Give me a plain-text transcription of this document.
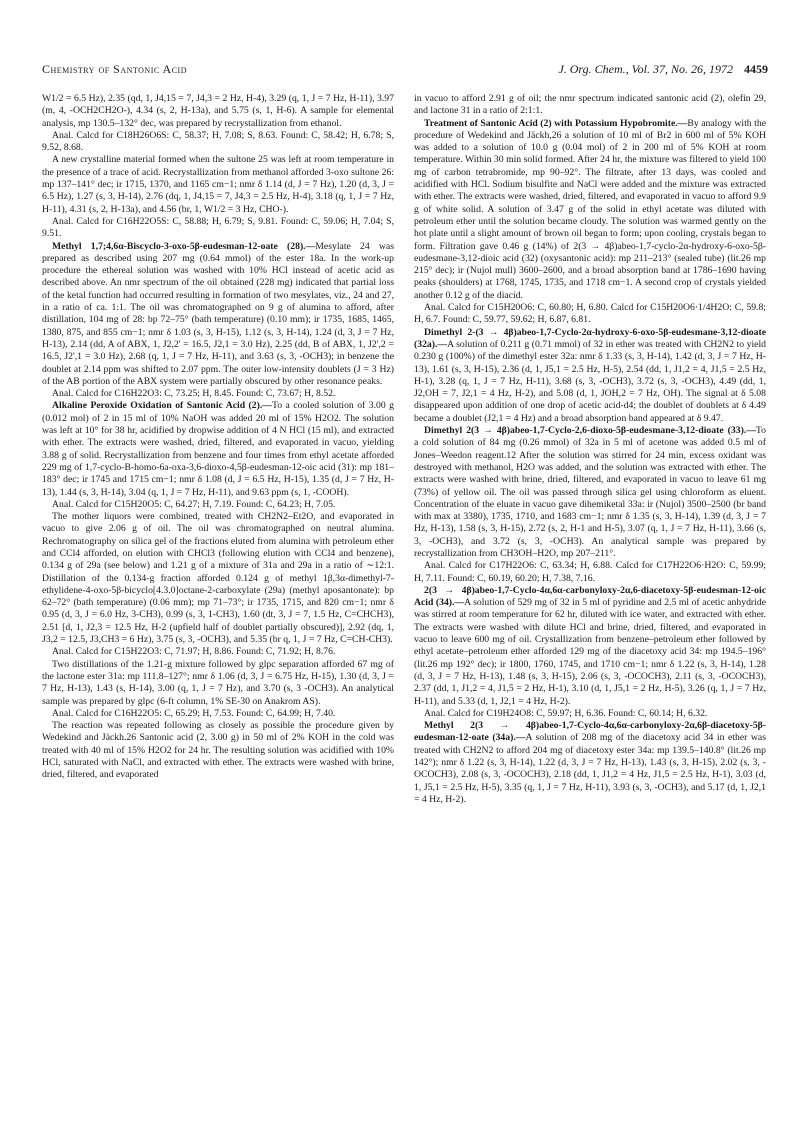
Chemistry of Santonic Acid	J. Org. Chem., Vol. 37, No. 26, 1972 4459

W1/2 = 6.5 Hz), 2.35 (qd, 1, J4,15 = 7, J4,3 = 2 Hz, H-4), 3.29 (q, 1, J = 7 Hz, H-11), 3.97 (m, 4, -OCH2CH2O-), 4.34 (s, 2, H-13a), and 5.75 (s, 1, H-6). A sample for elemental analysis, mp 130.5–132° dec, was prepared by recrystallization from ethanol.

Anal. Calcd for C18H26O6S: C, 58.37; H, 7.08; S, 8.63. Found: C, 58.42; H, 6.78; S, 9.52, 8.68.

A new crystalline material formed when the sultone 25 was left at room temperature in the presence of a trace of acid. Recrystallization from methanol afforded 3-oxo sultone 26: mp 137–141° dec; ir 1715, 1370, and 1165 cm−1; nmr δ 1.14 (d, J = 7 Hz), 1.20 (d, 3, J = 6.5 Hz), 1.27 (s, 3, H-14), 2.76 (dq, 1, J4,15 = 7, J4,3 = 2.5 Hz, H-4), 3.18 (q, 1, J = 7 Hz, H-11), 4.31 (s, 2, H-13a), and 4.56 (br, 1, W1/2 = 3 Hz, CHO-).

Anal. Calcd for C16H22O5S: C, 58.88; H, 6.79; S, 9.81. Found: C, 59.06; H, 7.04; S, 9.51.

Methyl 1,7;4,6α-Biscyclo-3-oxo-5β-eudesman-12-oate (28).—Mesylate 24 was prepared as described using 207 mg (0.64 mmol) of the ester 18a. In the work-up procedure the ethereal solution was washed with 10% HCl instead of acetic acid as described above. An nmr spectrum of the oil obtained (228 mg) indicated that partial loss of the ketal function had occurred resulting in formation of two mesylates, viz., 24 and 27, in a ratio of ca. 1:1. The oil was chromatographed on 9 g of alumina to afford, after distillation, 104 mg of 28: bp 72–75° (bath temperature) (0.10 mm); ir 1735, 1685, 1465, 1380, 875, and 855 cm−1; nmr δ 1.03 (s, 3, H-15), 1.12 (s, 3, H-14), 1.24 (d, 3, J = 7 Hz, H-13), 2.14 (dd, A of ABX, 1, J2,2' = 16.5, J2,1 = 3.0 Hz), 2.25 (dd, B of ABX, 1, J2',2 = 16.5, J2',1 = 3.0 Hz), 2.68 (q, 1, J = 7 Hz, H-11), and 3.63 (s, 3, -OCH3); in benzene the doublet at 2.14 ppm was shifted to 2.07 ppm. The outer low-intensity doublets (J = 3 Hz) of the AB portion of the ABX system were partially obscured by other resonance peaks.

Anal. Calcd for C16H22O3: C, 73.25; H, 8.45. Found: C, 73.67; H, 8.52.

Alkaline Peroxide Oxidation of Santonic Acid (2).—To a cooled solution of 3.00 g (0.012 mol) of 2 in 15 ml of 10% NaOH was added 20 ml of 15% H2O2. The solution was left at 10° for 38 hr, acidified by dropwise addition of 4 N HCl (15 ml), and extracted with ether. The extracts were washed, dried, filtered, and evaporated in vacuo, yielding 3.88 g of solid. Recrystallization from benzene and four times from ethyl acetate afforded 229 mg of 1,7-cyclo-B-homo-6a-oxa-3,6-dioxo-4,5β-eudesman-12-oic acid (31): mp 181–183° dec; ir 1745 and 1715 cm−1; nmr δ 1.08 (d, J = 6.5 Hz, H-15), 1.35 (d, J = 7 Hz, H-13), 1.44 (s, 3, H-14), 3.04 (q, 1, J = 7 Hz, H-11), and 9.63 ppm (s, 1, -COOH).

Anal. Calcd for C15H20O5: C, 64.27; H, 7.19. Found: C, 64.23; H, 7.05.

The mother liquors were combined, treated with CH2N2–Et2O, and evaporated in vacuo to give 2.06 g of oil. The oil was chromatographed on neutral alumina. Rechromatography on silica gel of the fractions eluted from alumina with petroleum ether and CCl4 afforded, on elution with CHCl3 (following elution with CCl4 and benzene), 0.134 g of 29a (see below) and 1.21 g of a mixture of 31a and 29a in a ratio of ∼12:1. Distillation of the 0.134-g fraction afforded 0.124 g of methyl 1β,3α-dimethyl-7-ethylidene-4-oxo-5β-bicyclo[4.3.0]octane-2-carboxylate (29a) (methyl aposantonate): bp 62–72° (bath temperature) (0.06 mm); mp 71–73°; ir 1735, 1715, and 820 cm−1; nmr δ 0.95 (d, 3, J = 6.0 Hz, 3-CH3), 0.99 (s, 3, 1-CH3), 1.60 (dt, 3, J = 7, 1.5 Hz, C=CHCH3), 2.51 [d, 1, J2,3 = 12.5 Hz, H-2 (upfield half of doublet partially obscured)], 2.92 (dq, 1, J3,2 = 12.5, J3,CH3 = 6 Hz), 3.75 (s, 3, -OCH3), and 5.35 (br q, 1, J = 7 Hz, C=CH-CH3).

Anal. Calcd for C15H22O3: C, 71.97; H, 8.86. Found: C, 71.92; H, 8.76.

Two distillations of the 1.21-g mixture followed by glpc separation afforded 67 mg of the lactone ester 31a: mp 111.8–127°; nmr δ 1.06 (d, 3, J = 6.75 Hz, H-15), 1.30 (d, 3, J = 7 Hz, H-13), 1.43 (s, H-14), 3.00 (q, 1, J = 7 Hz), and 3.70 (s, 3 -OCH3). An analytical sample was prepared by glpc (6-ft column, 1% SE-30 on Anakrom AS).

Anal. Calcd for C16H22O5: C, 65.29; H, 7.53. Found: C, 64.99; H, 7.40.

The reaction was repeated following as closely as possible the procedure given by Wedekind and Jäckh.26 Santonic acid (2, 3.00 g) in 50 ml of 2% KOH in the cold was treated with 40 ml of 15% H2O2 for 24 hr. The resulting solution was acidified with 10% HCl, saturated with NaCl, and extracted with ether. The extracts were washed with brine, dried, filtered, and evaporated

in vacuo to afford 2.91 g of oil; the nmr spectrum indicated santonic acid (2), olefin 29, and lactone 31 in a ratio of 2:1:1.

Treatment of Santonic Acid (2) with Potassium Hypobromite.—By analogy with the procedure of Wedekind and Jäckh,26 a solution of 10 ml of Br2 in 600 ml of 5% KOH was added to a solution of 10.0 g (0.04 mol) of 2 in 200 ml of 5% KOH at room temperature. Within 30 min solid formed. After 24 hr, the mixture was filtered to yield 100 mg of carbon tetrabromide, mp 90–92°. The filtrate, after 13 days, was cooled and acidified with HCl. Sodium bisulfite and NaCl were added and the mixture was extracted with ether. The extracts were washed, dried, filtered, and evaporated in vacuo to afford 9.9 g of white solid. A solution of 3.47 g of the solid in ethyl acetate was diluted with petroleum ether until the solution became cloudy. The solution was warmed gently on the hot plate until a slight amount of brown oil began to form; upon cooling, crystals began to form. Filtration gave 0.46 g (14%) of 2(3 → 4β)abeo-1,7-cyclo-2α-hydroxy-6-oxo-5β-eudesmane-3,12-dioic acid (32) (oxysantonic acid): mp 211–213° (sealed tube) (lit.26 mp 215° dec); ir (Nujol mull) 3600–2600, and a broad absorption band at 1786–1690 having peaks (shoulders) at 1768, 1745, 1735, and 1718 cm−1. A second crop of crystals yielded another 0.12 g of the diacid.

Anal. Calcd for C15H20O6: C, 60.80; H, 6.80. Calcd for C15H20O6·1/4H2O: C, 59.8; H, 6.7. Found: C, 59.77, 59.62; H, 6.87, 6.81.

Dimethyl 2-(3 → 4β)abeo-1,7-Cyclo-2α-hydroxy-6-oxo-5β-eudesmane-3,12-dioate (32a).—A solution of 0.211 g (0.71 mmol) of 32 in ether was treated with CH2N2 to yield 0.230 g (100%) of the dimethyl ester 32a: nmr δ 1.33 (s, 3, H-14), 1.42 (d, 3, J = 7 Hz, H-13), 1.61 (s, 3, H-15), 2.36 (d, 1, J5,1 = 2.5 Hz, H-5), 2.54 (dd, 1, J1,2 = 4, J1,5 = 2.5 Hz, H-1), 3.28 (q, 1, J = 7 Hz, H-11), 3.68 (s, 3, -OCH3), 3.72 (s, 3, -OCH3), 4.49 (dd, 1, J2,OH = 7, J2,1 = 4 Hz, H-2), and 5.08 (d, 1, JOH,2 = 7 Hz, OH). The signal at δ 5.08 disappeared upon addition of one drop of acetic acid-d4; the doublet of doublets at δ 4.49 became a doublet (J2,1 = 4 Hz) and a broad absorption band appeared at δ 9.47.

Dimethyl 2(3 → 4β)abeo-1,7-Cyclo-2,6-dioxo-5β-eudesmane-3,12-dioate (33).—To a cold solution of 84 mg (0.26 mmol) of 32a in 5 ml of acetone was added 0.5 ml of Jones–Weedon reagent.12 After the solution was stirred for 24 min, excess oxidant was destroyed with methanol, H2O was added, and the solution was extracted with ether. The extracts were washed with brine, dried, filtered, and evaporated in vacuo to leave 61 mg (73%) of yellow oil. The oil was passed through silica gel using chloroform as eluent. Concentration of the eluate in vacuo gave dihemiketal 33a: ir (Nujol) 3500–2500 (br band with max at 3380), 1735, 1710, and 1683 cm−1; nmr δ 1.35 (s, 3, H-14), 1.39 (d, 3, J = 7 Hz, H-13), 1.58 (s, 3, H-15), 2.72 (s, 2, H-1 and H-5), 3.07 (q, 1, J = 7 Hz, H-11), 3.66 (s, 3, -OCH3), and 3.72 (s, 3, -OCH3). An analytical sample was prepared by recrystallization from CH3OH–H2O, mp 207–211°.

Anal. Calcd for C17H22O6: C, 63.34; H, 6.88. Calcd for C17H22O6·H2O: C, 59.99; H, 7.11. Found: C, 60.19, 60.20; H, 7.38, 7.16.

2(3 → 4β)abeo-1,7-Cyclo-4α,6α-carbonyloxy-2α,6-diacetoxy-5β-eudesman-12-oic Acid (34).—A solution of 529 mg of 32 in 5 ml of pyridine and 2.5 ml of acetic anhydride was stirred at room temperature for 62 hr, diluted with ice water, and extracted with ether. The extracts were washed with dilute HCl and brine, dried, filtered, and evaporated in vacuo to leave 600 mg of oil. Crystallization from benzene–petroleum ether followed by ethyl acetate–petroleum ether afforded 129 mg of the diacetoxy acid 34: mp 194.5–196° (lit.26 mp 192° dec); ir 1800, 1760, 1745, and 1710 cm−1; nmr δ 1.22 (s, 3, H-14), 1.28 (d, 3, J = 7 Hz, H-13), 1.48 (s, 3, H-15), 2.06 (s, 3, -OCOCH3), 2.11 (s, 3, -OCOCH3), 2.37 (dd, 1, J1,2 = 4, J1,5 = 2 Hz, H-1), 3.10 (d, 1, J5,1 = 2 Hz, H-5), 3.26 (q, 1, J = 7 Hz, H-11), and 5.33 (d, 1, J2,1 = 4 Hz, H-2).

Anal. Calcd for C19H24O8: C, 59.97; H, 6.36. Found: C, 60.14; H, 6.32.

Methyl 2(3 → 4β)abeo-1,7-Cyclo-4α,6α-carbonyloxy-2α,6β-diacetoxy-5β-eudesman-12-oate (34a).—A solution of 208 mg of the diacetoxy acid 34 in ether was treated with CH2N2 to afford 204 mg of diacetoxy ester 34a: mp 139.5–140.8° (lit.26 mp 142°); nmr δ 1.22 (s, 3, H-14), 1.22 (d, 3, J = 7 Hz, H-13), 1.43 (s, 3, H-15), 2.02 (s, 3, -OCOCH3), 2.08 (s, 3, -OCOCH3), 2.18 (dd, 1, J1,2 = 4 Hz, J1,5 = 2.5 Hz, H-1), 3.03 (d, 1, J5,1 = 2.5 Hz, H-5), 3.35 (q, 1, J = 7 Hz, H-11), 3.93 (s, 3, -OCH3), and 5.17 (d, 1, J2,1 = 4 Hz, H-2).
